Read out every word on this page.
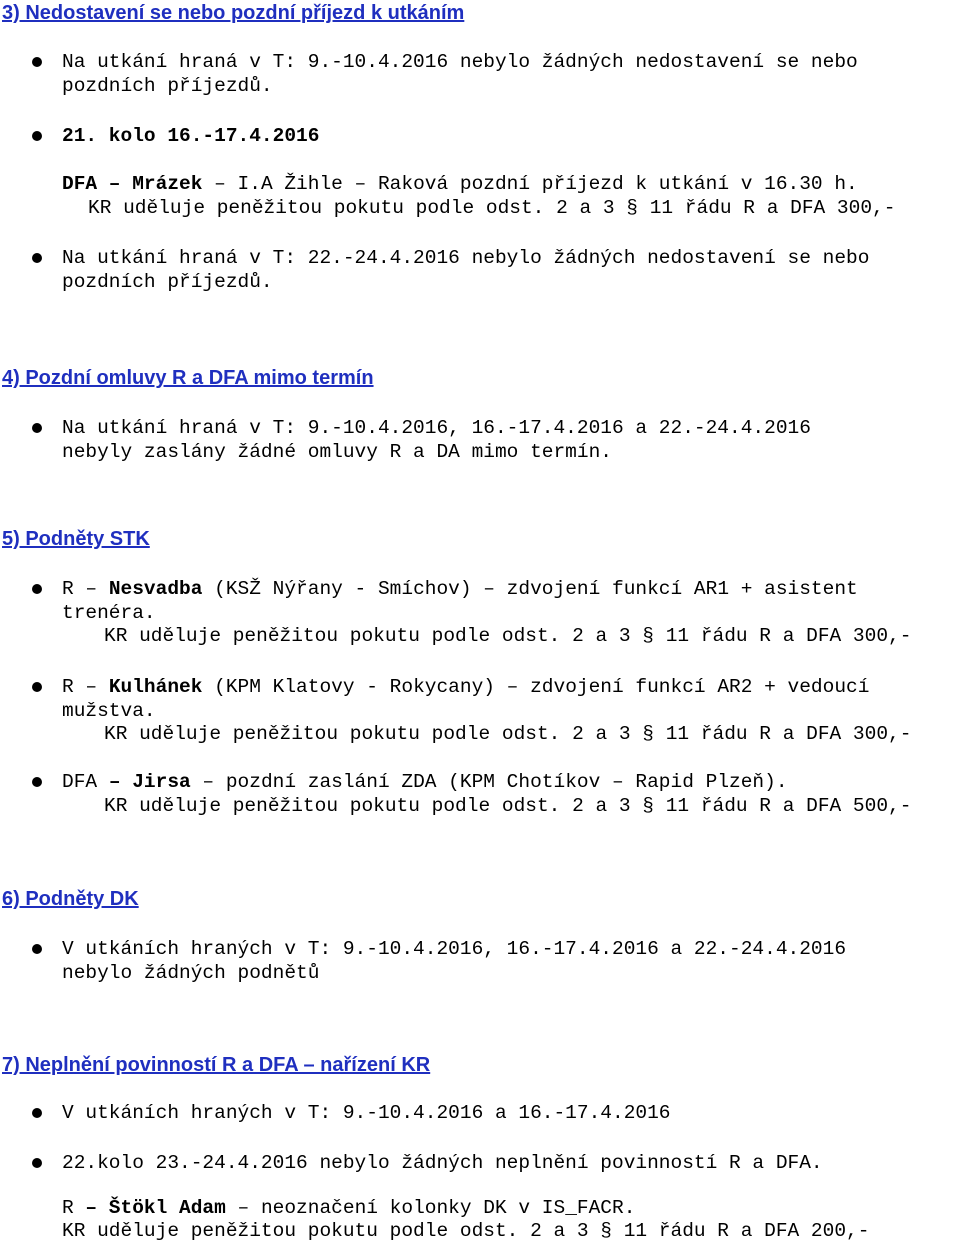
3) Nedostavení se nebo pozdní příjezd k utkáním
Na utkání hraná v T: 9.-10.4.2016 nebylo žádných nedostavení se nebo
pozdních příjezdů.
21. kolo 16.-17.4.2016
DFA – Mrázek – I.A Žihle – Raková pozdní příjezd k utkání v 16.30 h.
KR uděluje peněžitou pokutu podle odst. 2 a 3 § 11 řádu R a DFA 300,-
Na utkání hraná v T: 22.-24.4.2016 nebylo žádných nedostavení se nebo
pozdních příjezdů.
4) Pozdní omluvy R a DFA mimo termín
Na utkání hraná v T: 9.-10.4.2016, 16.-17.4.2016 a 22.-24.4.2016
nebyly zaslány žádné omluvy R a DA mimo termín.
5) Podněty STK
R – Nesvadba (KSŽ Nýřany - Smíchov) – zdvojení funkcí AR1 + asistent
trenéra.
KR uděluje peněžitou pokutu podle odst. 2 a 3 § 11 řádu R a DFA 300,-
R – Kulhánek (KPM Klatovy - Rokycany) – zdvojení funkcí AR2 + vedoucí
mužstva.
KR uděluje peněžitou pokutu podle odst. 2 a 3 § 11 řádu R a DFA 300,-
DFA – Jirsa – pozdní zaslání ZDA (KPM Chotíkov – Rapid Plzeň).
KR uděluje peněžitou pokutu podle odst. 2 a 3 § 11 řádu R a DFA 500,-
6) Podněty DK
V utkáních hraných v T: 9.-10.4.2016, 16.-17.4.2016 a 22.-24.4.2016
nebylo žádných podnětů
7) Neplnění povinností R a DFA – nařízení KR
V utkáních hraných v T: 9.-10.4.2016 a 16.-17.4.2016
22.kolo 23.-24.4.2016 nebylo žádných neplnění povinností R a DFA.
R – Štökl Adam – neoznačení kolonky DK v IS_FACR.
KR uděluje peněžitou pokutu podle odst. 2 a 3 § 11 řádu R a DFA 200,-
